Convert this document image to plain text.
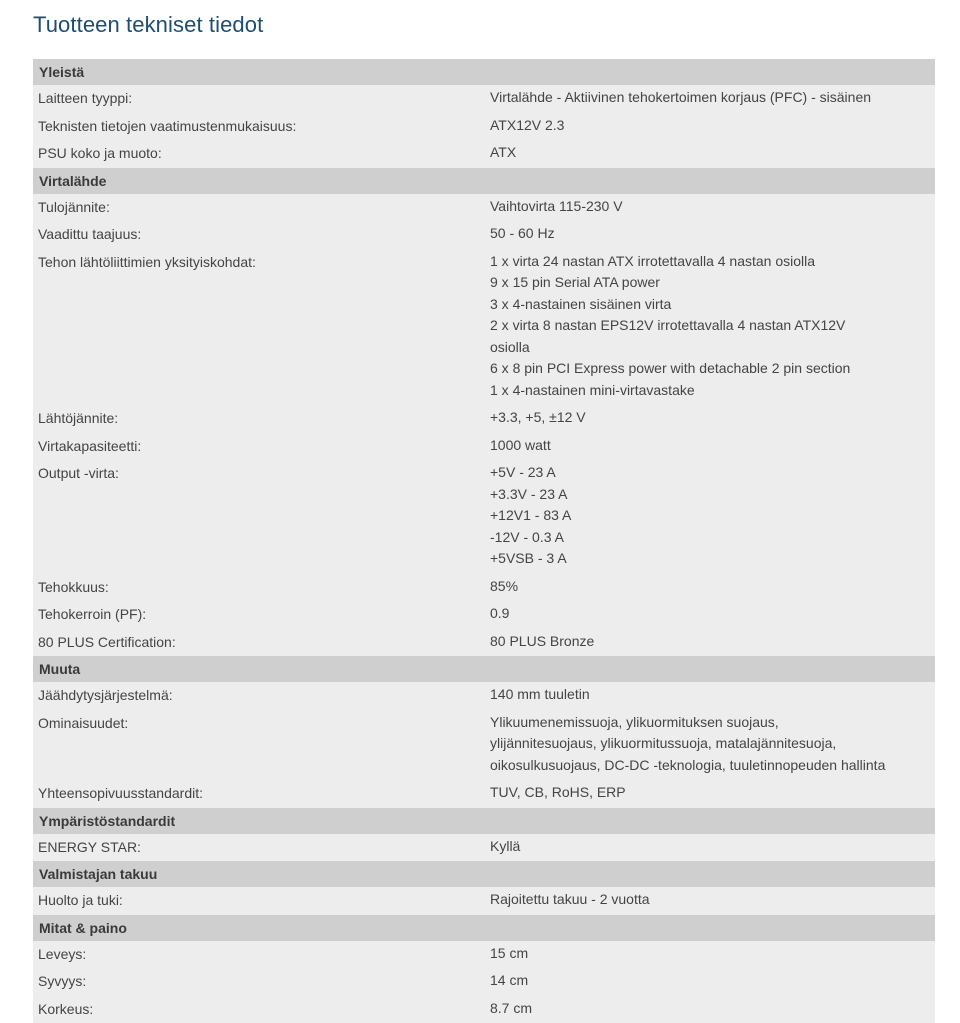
Tuotteen tekniset tiedot
Yleistä
Laitteen tyyppi:	Virtalähde - Aktiivinen tehokertoimen korjaus (PFC) - sisäinen
Teknisten tietojen vaatimustenmukaisuus:	ATX12V 2.3
PSU koko ja muoto:	ATX
Virtalähde
Tulojännite:	Vaihtovirta 115-230 V
Vaadittu taajuus:	50 - 60 Hz
Tehon lähtöliittimien yksityiskohdat:	1 x virta 24 nastan ATX irrotettavalla 4 nastan osiolla
9 x 15 pin Serial ATA power
3 x 4-nastainen sisäinen virta
2 x virta 8 nastan EPS12V irrotettavalla 4 nastan ATX12V
osiolla
6 x 8 pin PCI Express power with detachable 2 pin section
1 x 4-nastainen mini-virtavastake
Lähtöjännite:	+3.3, +5, ±12 V
Virtakapasiteetti:	1000 watt
Output -virta:	+5V - 23 A
+3.3V - 23 A
+12V1 - 83 A
-12V - 0.3 A
+5VSB - 3 A
Tehokkuus:	85%
Tehokerroin (PF):	0.9
80 PLUS Certification:	80 PLUS Bronze
Muuta
Jäähdytysjärjestelmä:	140 mm tuuletin
Ominaisuudet:	Ylikuumenemissuoja, ylikuormituksen suojaus,
ylijännitesuojaus, ylikuormitussuoja, matalajännitesuoja,
oikosulkusuojaus, DC-DC -teknologia, tuuletinnopeuden hallinta
Yhteensopivuusstandardit:	TUV, CB, RoHS, ERP
Ympäristöstandardit
ENERGY STAR:	Kyllä
Valmistajan takuu
Huolto ja tuki:	Rajoitettu takuu - 2 vuotta
Mitat & paino
Leveys:	15 cm
Syvyys:	14 cm
Korkeus:	8.7 cm
